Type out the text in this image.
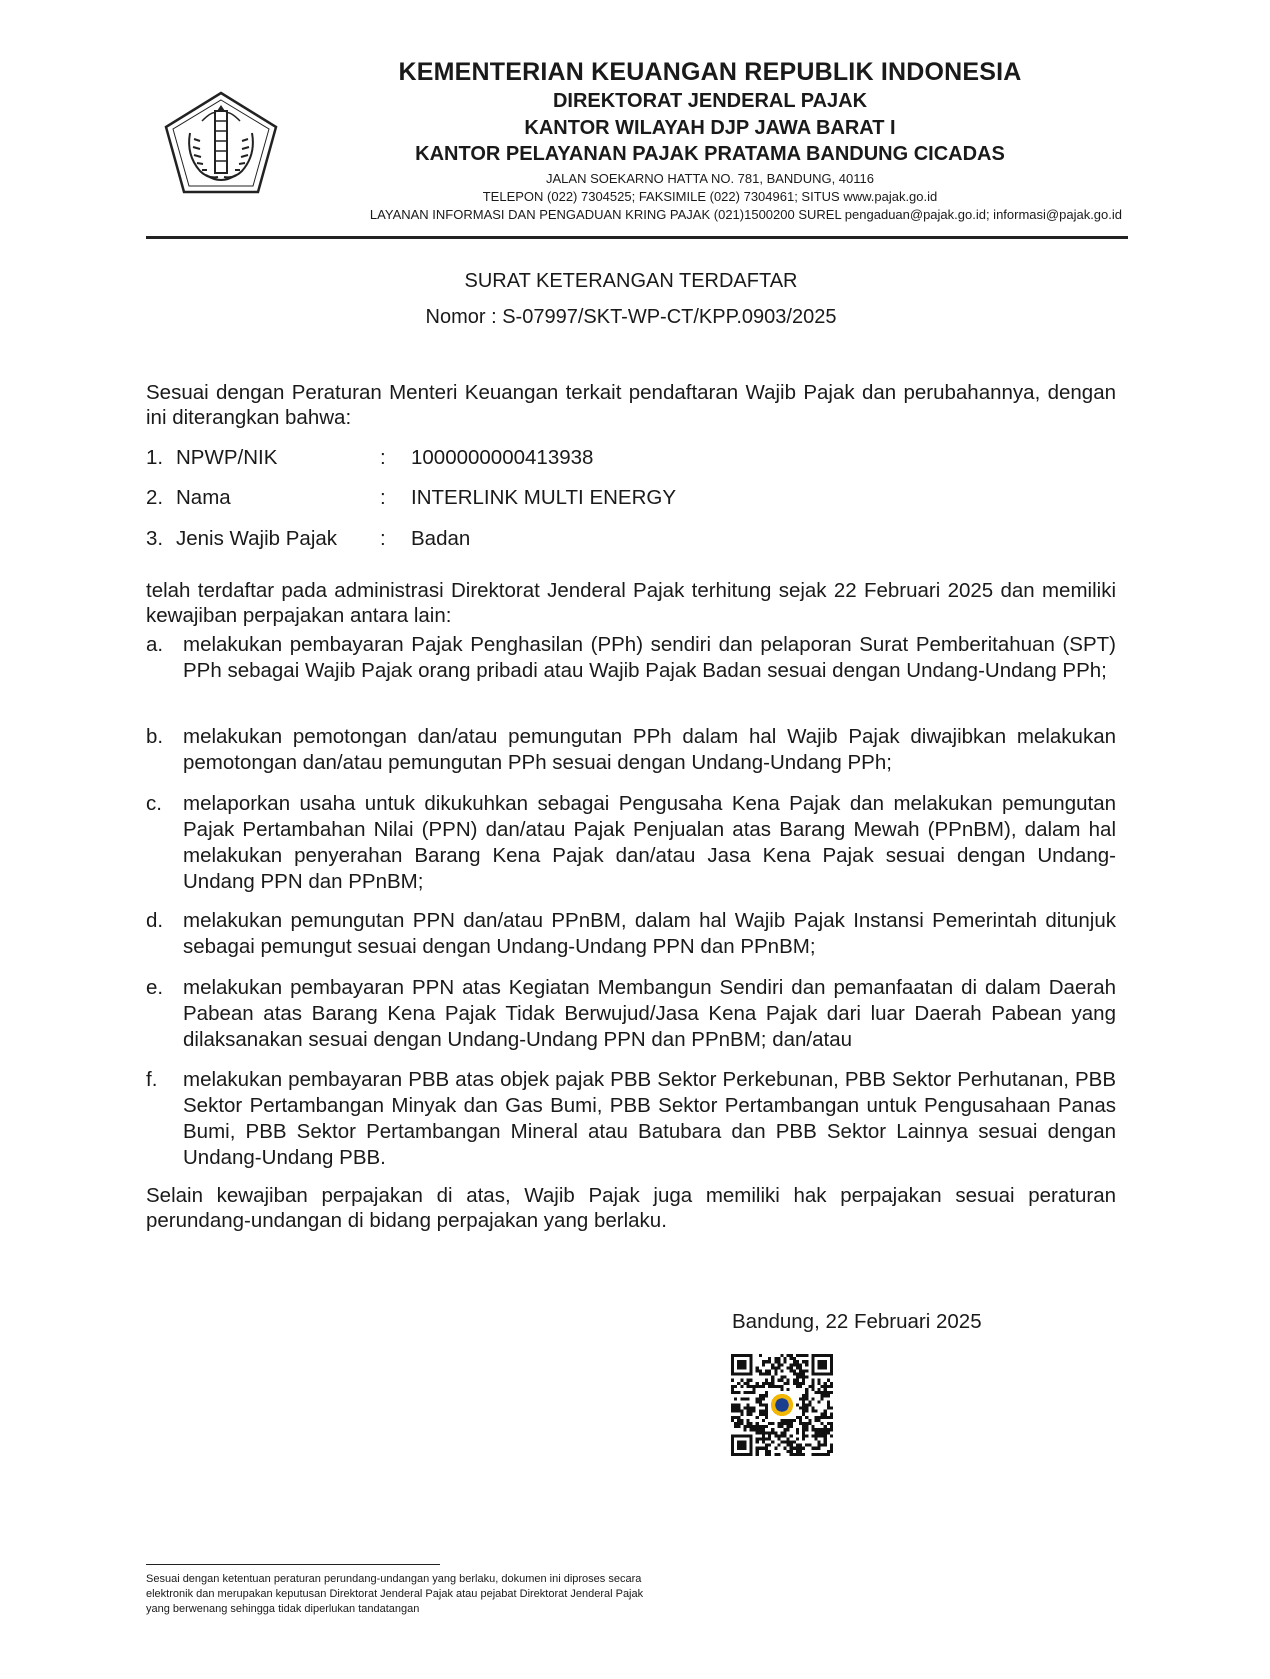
KEMENTERIAN KEUANGAN REPUBLIK INDONESIA
DIREKTORAT JENDERAL PAJAK
KANTOR WILAYAH DJP JAWA BARAT I
KANTOR PELAYANAN PAJAK PRATAMA BANDUNG CICADAS
JALAN SOEKARNO HATTA NO. 781, BANDUNG, 40116
TELEPON (022) 7304525; FAKSIMILE (022) 7304961; SITUS www.pajak.go.id
LAYANAN INFORMASI DAN PENGADUAN KRING PAJAK (021)1500200 SUREL pengaduan@pajak.go.id; informasi@pajak.go.id
SURAT KETERANGAN TERDAFTAR
Nomor : S-07997/SKT-WP-CT/KPP.0903/2025
Sesuai dengan Peraturan Menteri Keuangan terkait pendaftaran Wajib Pajak dan perubahannya, dengan ini diterangkan bahwa:
1. NPWP/NIK	: 1000000000413938
2. Nama	: INTERLINK MULTI ENERGY
3. Jenis Wajib Pajak : Badan
telah terdaftar pada administrasi Direktorat Jenderal Pajak terhitung sejak 22 Februari 2025 dan memiliki kewajiban perpajakan antara lain:
a. melakukan pembayaran Pajak Penghasilan (PPh) sendiri dan pelaporan Surat Pemberitahuan (SPT) PPh sebagai Wajib Pajak orang pribadi atau Wajib Pajak Badan sesuai dengan Undang-Undang PPh;
b. melakukan pemotongan dan/atau pemungutan PPh dalam hal Wajib Pajak diwajibkan melakukan pemotongan dan/atau pemungutan PPh sesuai dengan Undang-Undang PPh;
c. melaporkan usaha untuk dikukuhkan sebagai Pengusaha Kena Pajak dan melakukan pemungutan Pajak Pertambahan Nilai (PPN) dan/atau Pajak Penjualan atas Barang Mewah (PPnBM), dalam hal melakukan penyerahan Barang Kena Pajak dan/atau Jasa Kena Pajak sesuai dengan Undang-Undang PPN dan PPnBM;
d. melakukan pemungutan PPN dan/atau PPnBM, dalam hal Wajib Pajak Instansi Pemerintah ditunjuk sebagai pemungut sesuai dengan Undang-Undang PPN dan PPnBM;
e. melakukan pembayaran PPN atas Kegiatan Membangun Sendiri dan pemanfaatan di dalam Daerah Pabean atas Barang Kena Pajak Tidak Berwujud/Jasa Kena Pajak dari luar Daerah Pabean yang dilaksanakan sesuai dengan Undang-Undang PPN dan PPnBM; dan/atau
f. melakukan pembayaran PBB atas objek pajak PBB Sektor Perkebunan, PBB Sektor Perhutanan, PBB Sektor Pertambangan Minyak dan Gas Bumi, PBB Sektor Pertambangan untuk Pengusahaan Panas Bumi, PBB Sektor Pertambangan Mineral atau Batubara dan PBB Sektor Lainnya sesuai dengan Undang-Undang PBB.
Selain kewajiban perpajakan di atas, Wajib Pajak juga memiliki hak perpajakan sesuai peraturan perundang-undangan di bidang perpajakan yang berlaku.
Bandung, 22 Februari 2025
Sesuai dengan ketentuan peraturan perundang-undangan yang berlaku, dokumen ini diproses secara elektronik dan merupakan keputusan Direktorat Jenderal Pajak atau pejabat Direktorat Jenderal Pajak yang berwenang sehingga tidak diperlukan tandatangan
